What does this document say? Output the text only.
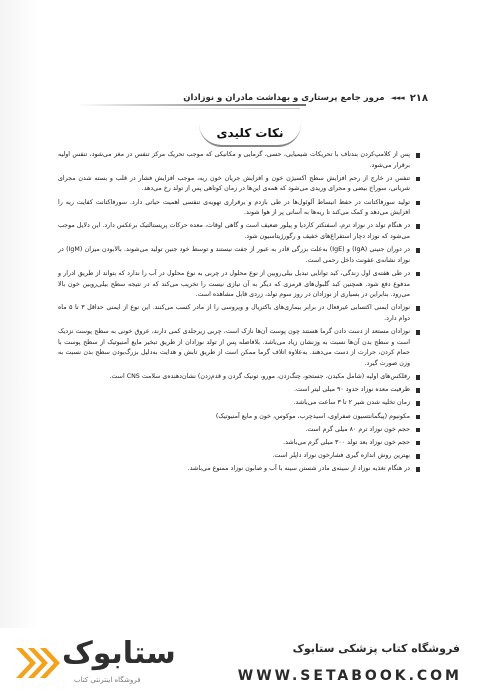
۲۱۸
◄◄◄
مرور جامع پرستاری و بهداشت مادران و نوزادان
نکات کلیدی
پس از کلامپ‌کردن بندناف با تحریکات شیمیایی، حسی، گرمایی و مکانیکی که موجب تحریک مرکز تنفس در مغز می‌شود، تنفس اولیه برقرار می‌شود.
تنفس در خارج از رحم افزایش سطح اکسیژن خون و افزایش جریان خون ریه، موجب افزایش فشار در قلب و بسته شدن مجرای شریانی، سوراخ بیضی و مجرای وریدی می‌شود که همه‌ی این‌ها در زمان کوتاهی پس از تولد رخ می‌دهد.
تولید سورفاکتانت در حفظ انبساط آلوئول‌ها در طی بازدم و برقراری تهویه‌ی تنفسی اهمیت حیاتی دارد. سورفاکتانت کفایت ریه را افزایش می‌دهد و کمک می‌کند تا ریه‌ها به آسانی پر از هوا شوند.
در هنگام تولد در نوزاد ترم، اسفنکتر کاردیا و پیلور ضعیف است و گاهی اوقات، معده حرکات پریستالتیک برعکس دارد. این دلایل موجب می‌شود که نوزاد دچار استفراغ‌های خفیف و رگورژیتاسیون شود.
در دوران جنینی (IgA) و (IgE) به‌علت بزرگی قادر به عبور از جفت نیستند و توسط خود جنین تولید می‌شوند. بالابودن میزان (IgM) در نوزاد نشانه‌ی عفونت داخل رحمی است.
در طی هفته‌ی اول زندگی، کبد توانایی تبدیل بیلی‌روبین از نوع محلول در چربی به نوع محلول در آب را ندارد که بتواند از طریق ادرار و مدفوع دفع شود. همچنین کبد گلبول‌های قرمزی که دیگر به آن نیازی نیست را تخریب می‌کند که در نتیجه سطح بیلی‌روبین خون بالا می‌رود. بنابراین در بسیاری از نوزادان در روز سوم تولد، زردی قابل مشاهده است.
نوزادان ایمنی اکتسابی غیرفعال در برابر بیماری‌های باکتریال و ویروسی را از مادر کسب می‌کنند. این نوع از ایمنی حداقل ۳ تا ۵ ماه دوام دارد.
نوزادان مستعد از دست دادن گرما هستند چون پوست آن‌ها نازک است، چربی زیرجلدی کمی دارند، عروق خونی به سطح پوست نزدیک است و سطح بدن آن‌ها نسبت به وزنشان زیاد می‌باشد. بلافاصله پس از تولد نوزادان از طریق تبخیر مایع آمنیوتیک از سطح پوست با حمام کردن، حرارت از دست می‌دهند. به‌علاوه اتلاف گرما ممکن است از طریق تابش و هدایت به‌دلیل بزرگ‌بودن سطح بدن نسبت به وزن صورت گیرد.
رفلکس‌های اولیه (شامل مکیدن، جستجو، چنگ‌زدن، مورو، تونیک گردن و قدم‌زدن) نشان‌دهنده‌ی سلامت CNS است.
ظرفیت معده نوزاد حدود ۹۰ میلی لیتر است.
زمان تخلیه شدن شیر ۲ تا ۳ ساعت می‌باشد.
مکونیوم (پیگمانتسیون صفراوی، اسیدچرب، موکوس، خون و مایع آمنیوتیک)
حجم خون نوزاد ترم ۸۰ میلی گرم است.
حجم خون نوزاد بعد تولد ۳۰۰ میلی گرم می‌باشد.
بهترین روش اندازه گیری فشارخون نوزاد داپلر است.
در هنگام تغذیه نوزاد از سینه‌ی مادر شستن سینه با آب و صابون نوزاد ممنوع می‌باشد.
ستابوک
فروشگاه اینترنتی کتاب
فروشگاه کتاب پزشکی ستابوک
WWW.SETABOOK.COM
